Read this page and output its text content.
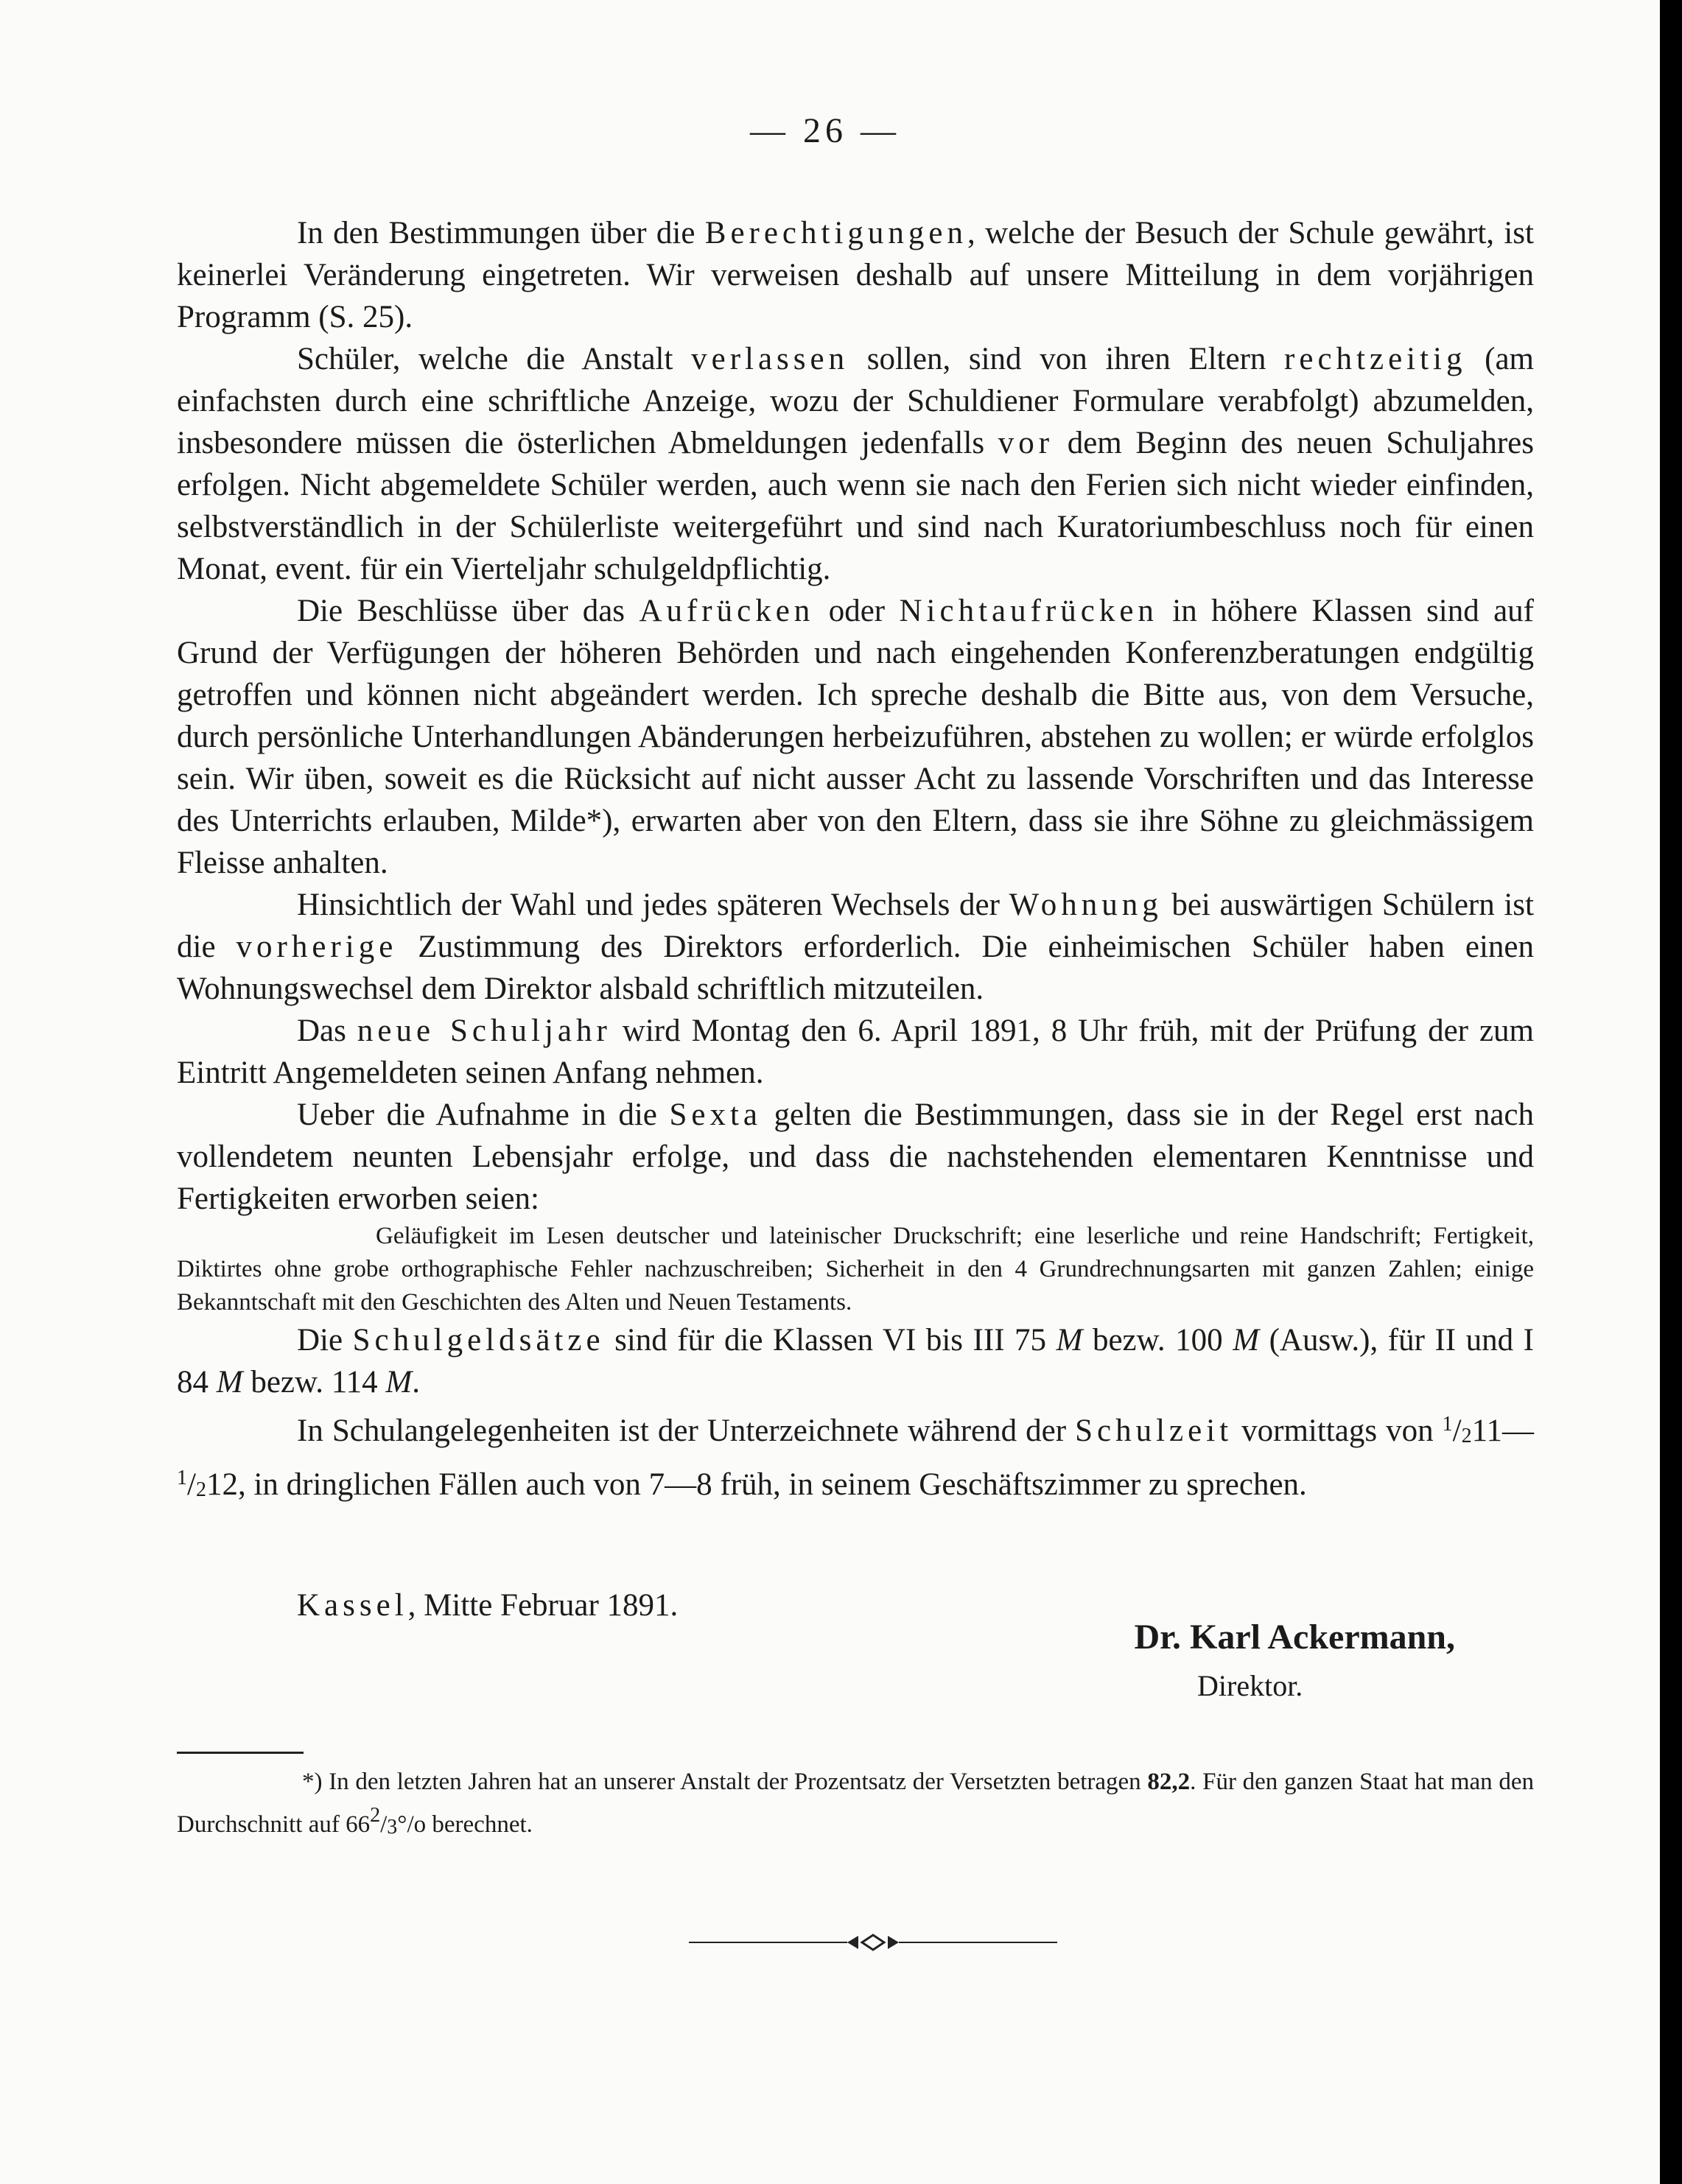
— 26 —

In den Bestimmungen über die Berechtigungen, welche der Besuch der Schule gewährt, ist keinerlei Veränderung eingetreten. Wir verweisen deshalb auf unsere Mitteilung in dem vorjährigen Programm (S. 25).

Schüler, welche die Anstalt verlassen sollen, sind von ihren Eltern rechtzeitig (am einfachsten durch eine schriftliche Anzeige, wozu der Schuldiener Formulare verabfolgt) abzumelden, insbesondere müssen die österlichen Abmeldungen jedenfalls vor dem Beginn des neuen Schuljahres erfolgen. Nicht abgemeldete Schüler werden, auch wenn sie nach den Ferien sich nicht wieder einfinden, selbstverständlich in der Schülerliste weitergeführt und sind nach Kuratoriumbeschluss noch für einen Monat, event. für ein Vierteljahr schulgeldpflichtig.

Die Beschlüsse über das Aufrücken oder Nichtaufrücken in höhere Klassen sind auf Grund der Verfügungen der höheren Behörden und nach eingehenden Konferenzberatungen endgültig getroffen und können nicht abgeändert werden. Ich spreche deshalb die Bitte aus, von dem Versuche, durch persönliche Unterhandlungen Abänderungen herbeizuführen, abstehen zu wollen; er würde erfolglos sein. Wir üben, soweit es die Rücksicht auf nicht ausser Acht zu lassende Vorschriften und das Interesse des Unterrichts erlauben, Milde*), erwarten aber von den Eltern, dass sie ihre Söhne zu gleichmässigem Fleisse anhalten.

Hinsichtlich der Wahl und jedes späteren Wechsels der Wohnung bei auswärtigen Schülern ist die vorherige Zustimmung des Direktors erforderlich. Die einheimischen Schüler haben einen Wohnungswechsel dem Direktor alsbald schriftlich mitzuteilen.

Das neue Schuljahr wird Montag den 6. April 1891, 8 Uhr früh, mit der Prüfung der zum Eintritt Angemeldeten seinen Anfang nehmen.

Ueber die Aufnahme in die Sexta gelten die Bestimmungen, dass sie in der Regel erst nach vollendetem neunten Lebensjahr erfolge, und dass die nachstehenden elementaren Kenntnisse und Fertigkeiten erworben seien:

Geläufigkeit im Lesen deutscher und lateinischer Druckschrift; eine leserliche und reine Handschrift; Fertigkeit, Diktirtes ohne grobe orthographische Fehler nachzuschreiben; Sicherheit in den 4 Grundrechnungsarten mit ganzen Zahlen; einige Bekanntschaft mit den Geschichten des Alten und Neuen Testaments.

Die Schulgeldsätze sind für die Klassen VI bis III 75 M bezw. 100 M (Ausw.), für II und I 84 M bezw. 114 M.

In Schulangelegenheiten ist der Unterzeichnete während der Schulzeit vormittags von $^1$/211—$^1$/212, in dringlichen Fällen auch von 7—8 früh, in seinem Geschäftszimmer zu sprechen.

Kassel, Mitte Februar 1891.
Dr. Karl Ackermann,
Direktor.

*) In den letzten Jahren hat an unserer Anstalt der Prozentsatz der Versetzten betragen 82,2. Für den ganzen Staat hat man den Durchschnitt auf $66^2/3^\circ/o$ berechnet.
